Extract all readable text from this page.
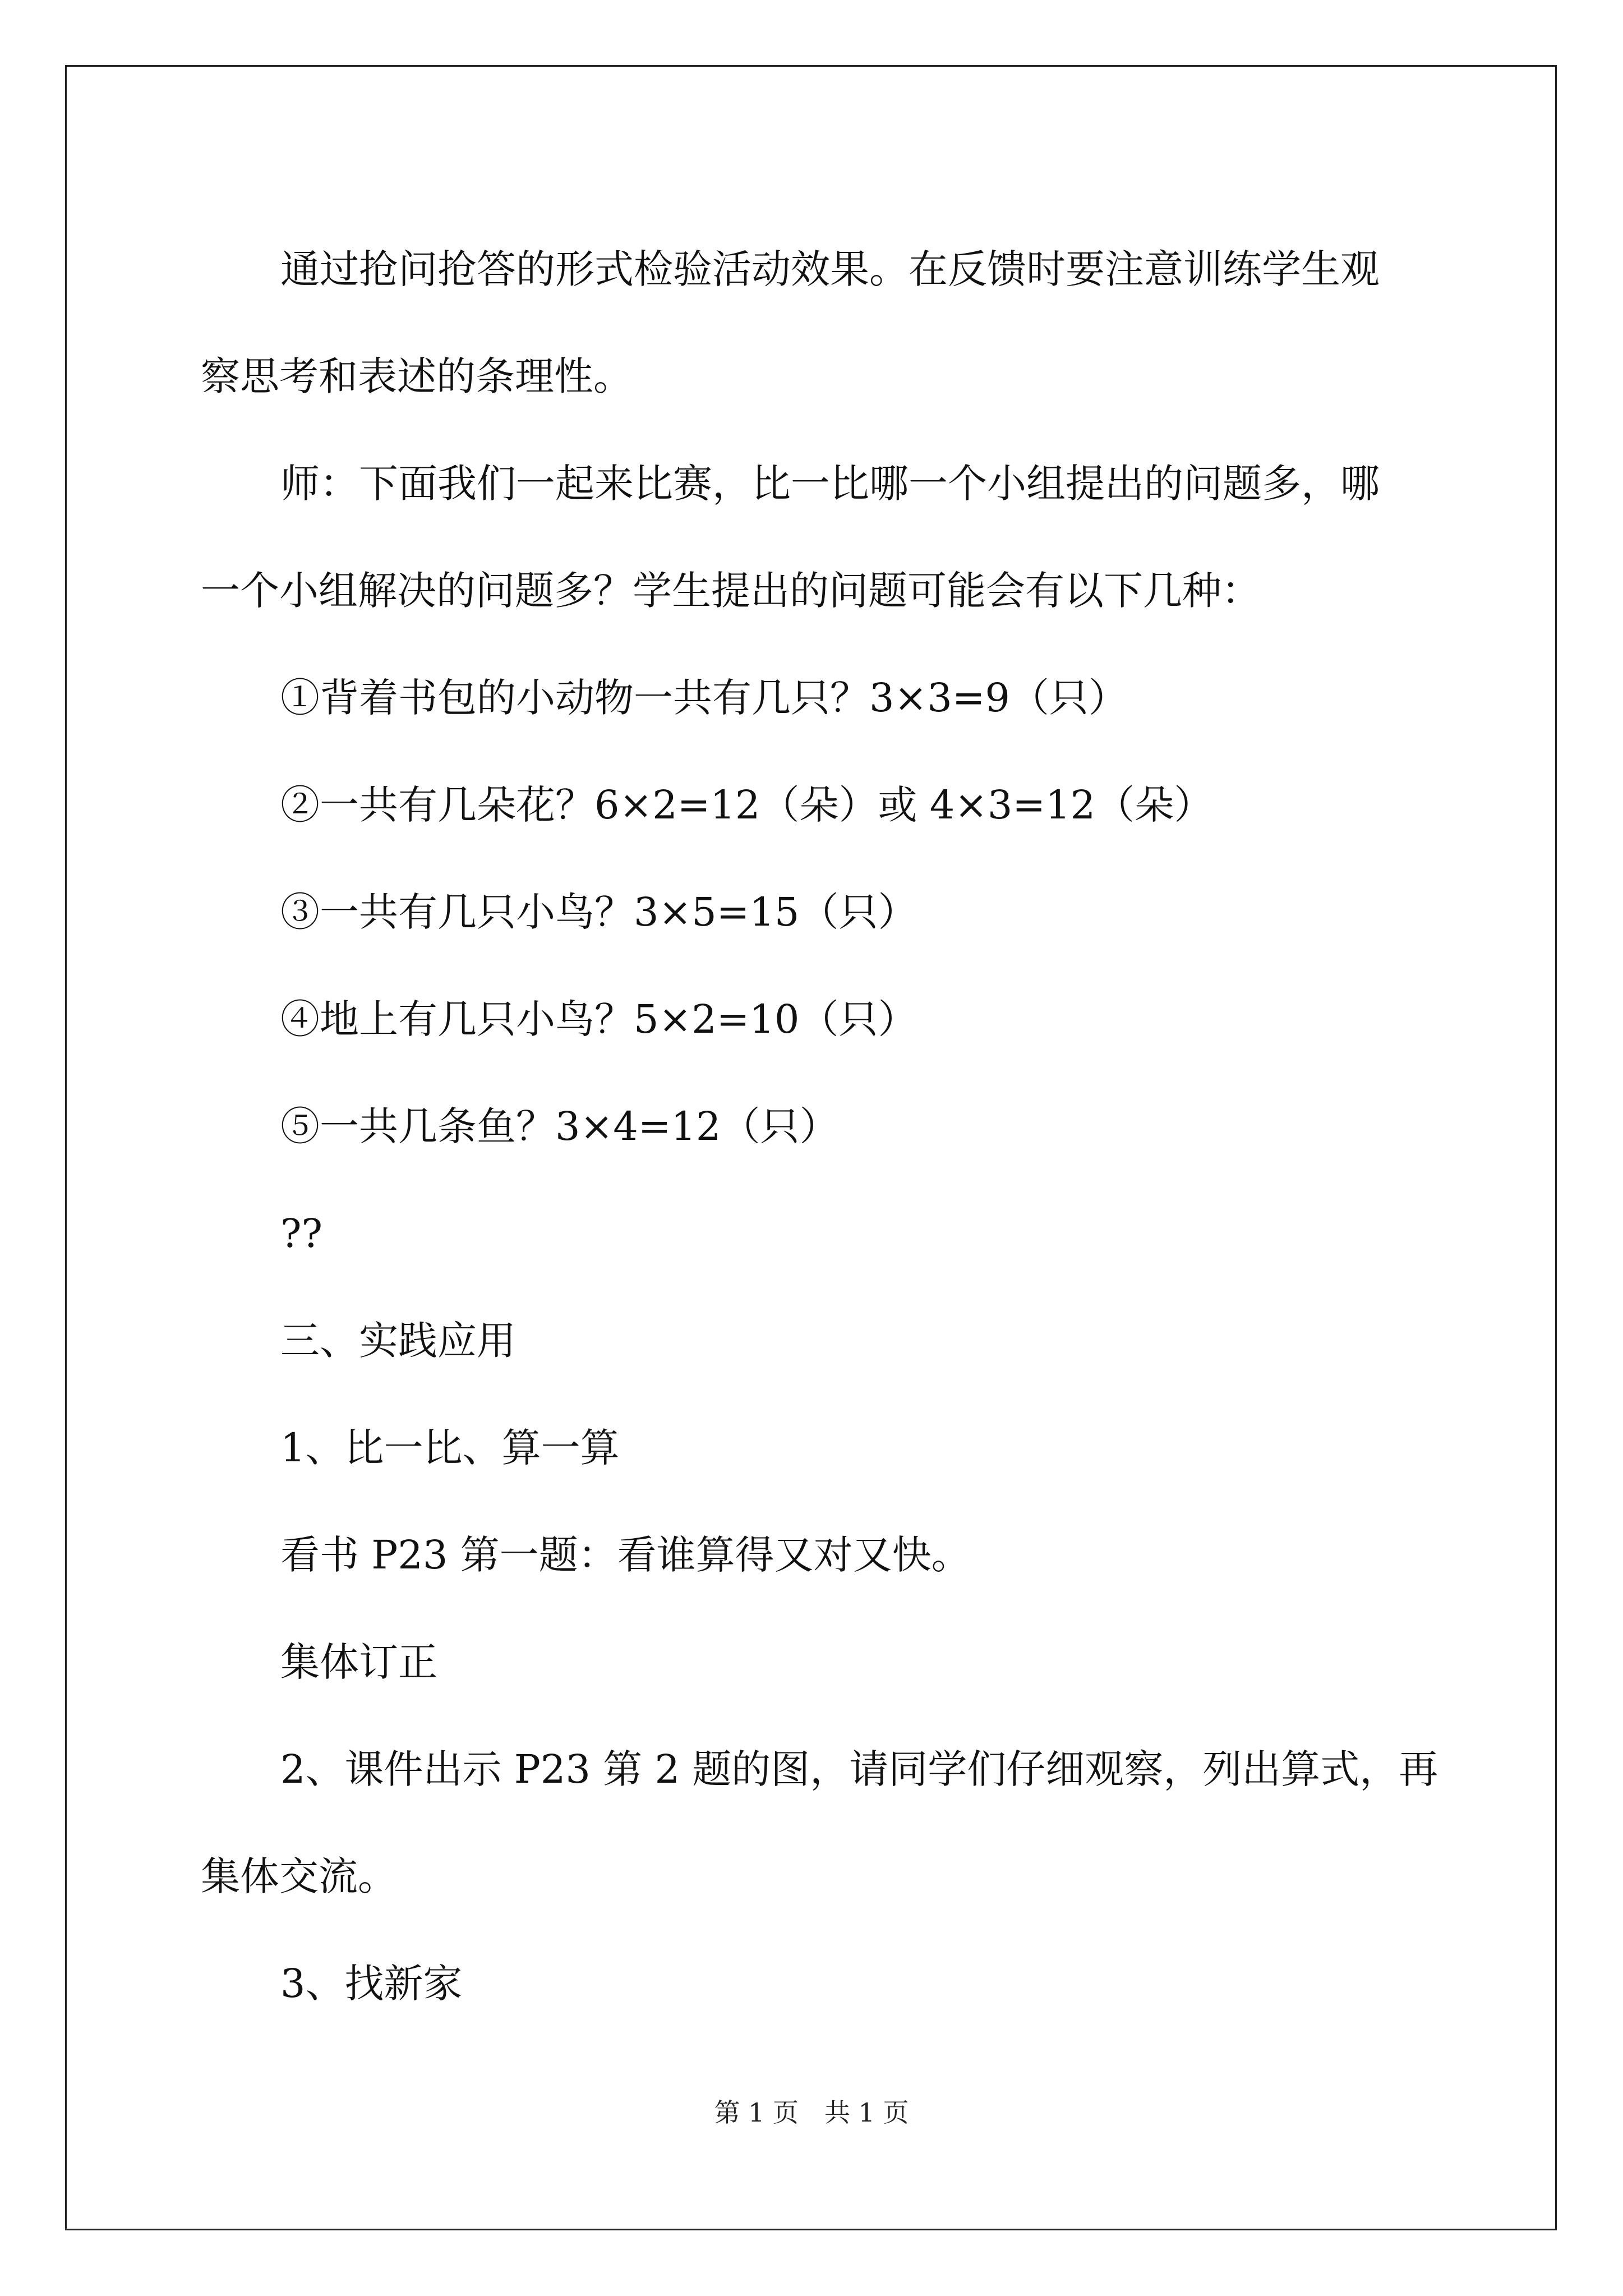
通过抢问抢答的形式检验活动效果。在反馈时要注意训练学生观

察思考和表述的条理性。

师：下面我们一起来比赛，比一比哪一个小组提出的问题多，哪

一个小组解决的问题多？学生提出的问题可能会有以下几种：

①背着书包的小动物一共有几只？3×3=9（只）

②一共有几朵花？6×2=12（朵）或 4×3=12（朵）

③一共有几只小鸟？3×5=15（只）

④地上有几只小鸟？5×2=10（只）

⑤一共几条鱼？3×4=12（只）

??

三、实践应用

1、比一比、算一算

看书 P23 第一题：看谁算得又对又快。

集体订正

2、课件出示 P23 第 2 题的图，请同学们仔细观察，列出算式，再

集体交流。

3、找新家

第 1 页　共 1 页
